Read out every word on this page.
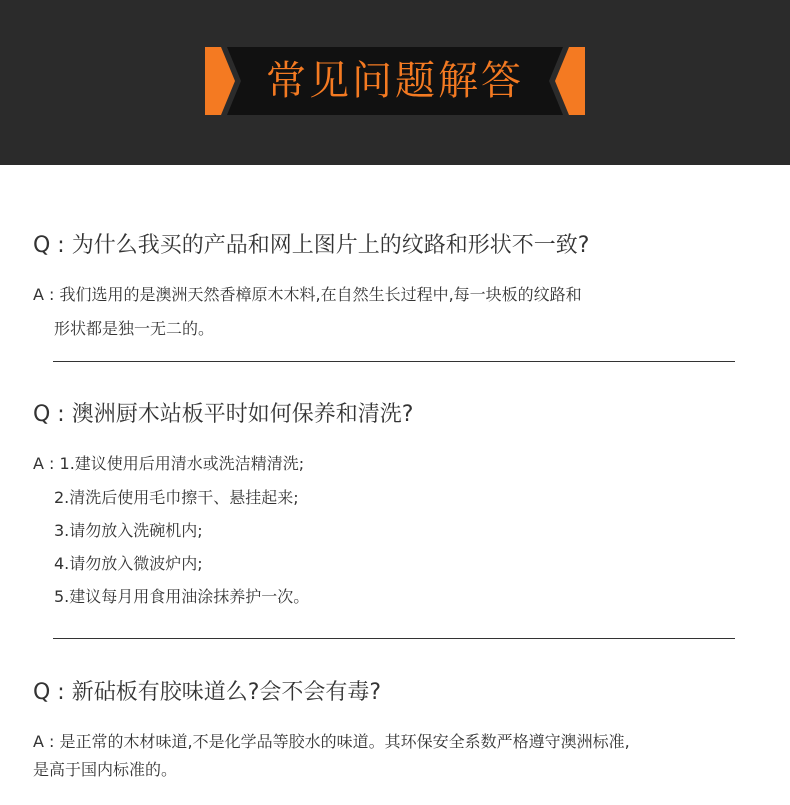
常见问题解答
Q : 为什么我买的产品和网上图片上的纹路和形状不一致?
A : 我们选用的是澳洲天然香樟原木木料,在自然生长过程中,每一块板的纹路和
形状都是独一无二的。
Q : 澳洲厨木站板平时如何保养和清洗?
A : 1.建议使用后用清水或洗洁精清洗;
2.清洗后使用毛巾擦干、悬挂起来;
3.请勿放入洗碗机内;
4.请勿放入微波炉内;
5.建议每月用食用油涂抹养护一次。
Q : 新砧板有胶味道么?会不会有毒?
A : 是正常的木材味道,不是化学品等胶水的味道。其环保安全系数严格遵守澳洲标准,
是高于国内标准的。
